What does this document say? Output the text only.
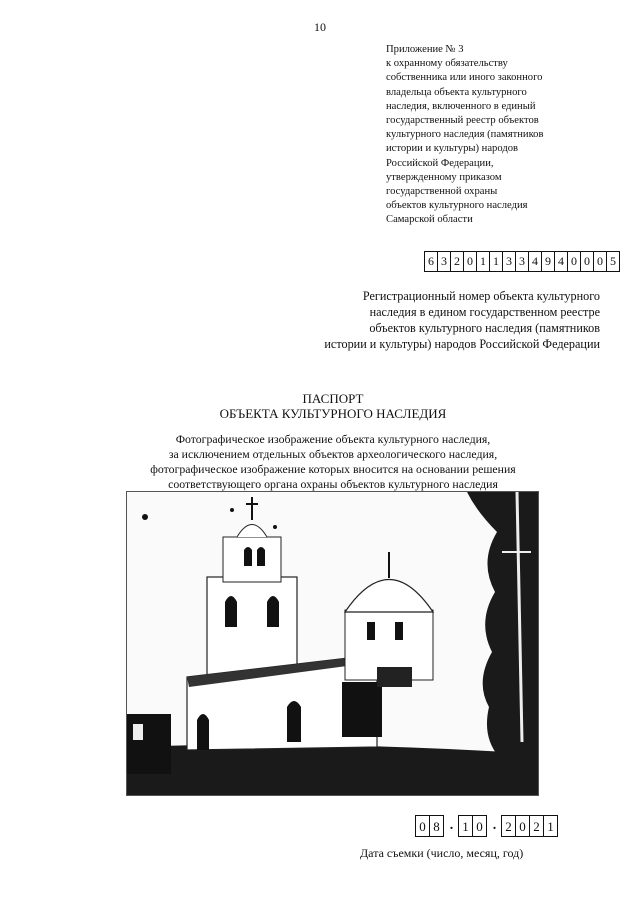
10
Приложение № 3
к охранному обязательству
собственника или иного законного
владельца объекта культурного
наследия, включенного в единый
государственный реестр объектов
культурного наследия (памятников
истории и культуры) народов
Российской Федерации,
утвержденному приказом
государственной охраны
объектов культурного наследия
Самарской области
6 3 2 0 1 1 3 3 4 9 4 0 0 0 5
Регистрационный номер объекта культурного
наследия в едином государственном реестре
объектов культурного наследия (памятников
истории и культуры) народов Российской Федерации
ПАСПОРТ
ОБЪЕКТА КУЛЬТУРНОГО НАСЛЕДИЯ
Фотографическое изображение объекта культурного наследия,
за исключением отдельных объектов археологического наследия,
фотографическое изображение которых вносится на основании решения
соответствующего органа охраны объектов культурного наследия
0 8 . 1 0 . 2 0 2 1
Дата съемки (число, месяц, год)
